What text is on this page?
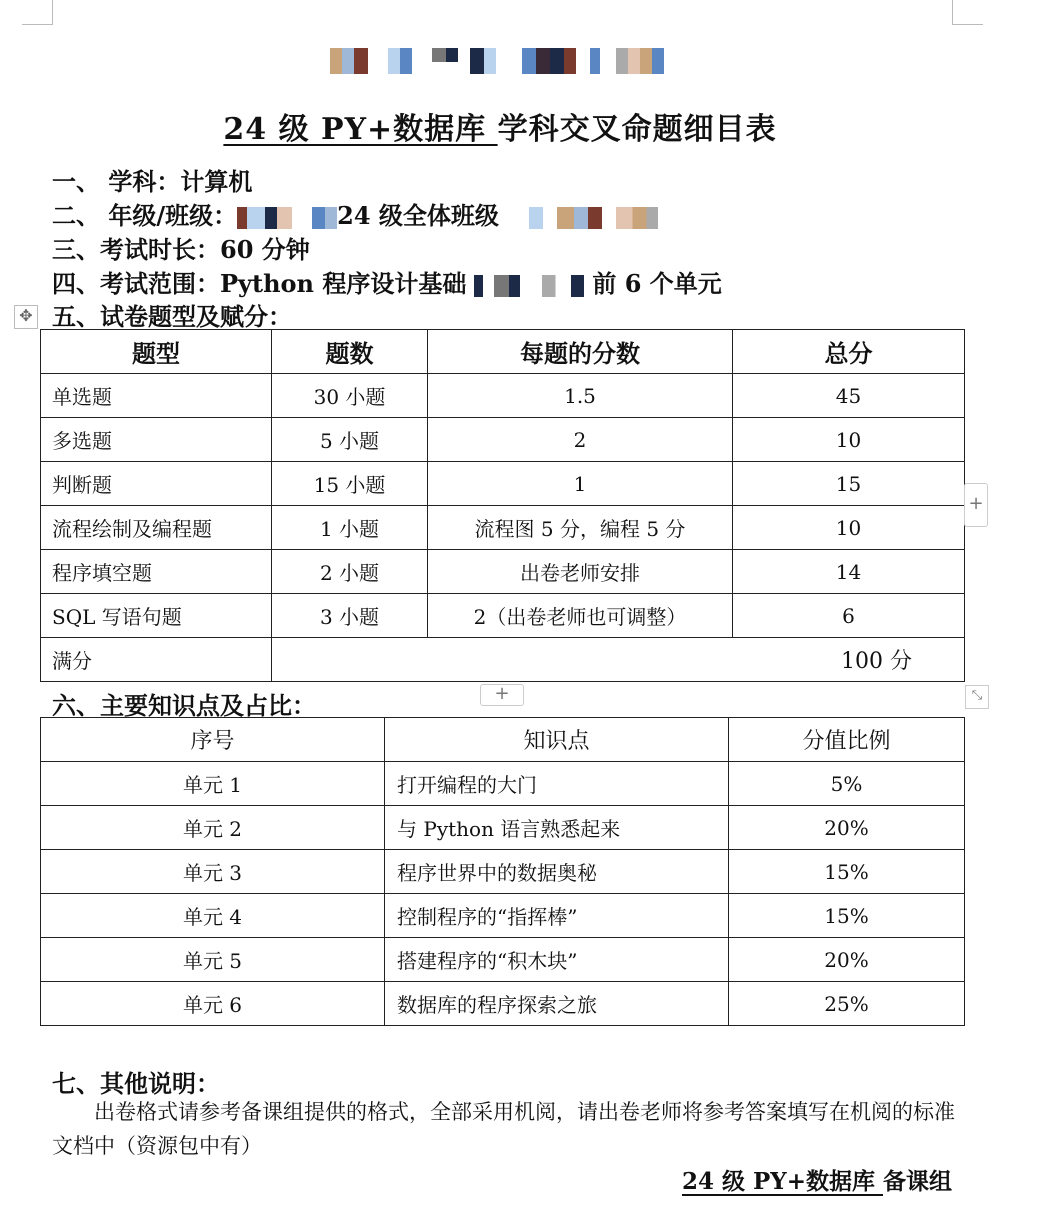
24 级 PY+数据库 学科交叉命题细目表
一、 学科：计算机
二、 年级/班级：	24 级全体班级
三、考试时长：60 分钟
四、考试范围：Python 程序设计基础	前 6 个单元
✥ 五、试卷题型及赋分：
题型	题数	每题的分数	总分
单选题	30 小题	1.5	45
多选题	5 小题	2	10
判断题	15 小题	1	15
流程绘制及编程题	1 小题	流程图 5 分，编程 5 分	10
程序填空题	2 小题	出卷老师安排	14
SQL 写语句题	3 小题	2（出卷老师也可调整）	6
满分	100 分		
+
+	⤡
六、主要知识点及占比：
序号	知识点	分值比例
单元 1	打开编程的大门	5%
单元 2	与 Python 语言熟悉起来	20%
单元 3	程序世界中的数据奥秘	15%
单元 4	控制程序的“指挥棒”	15%
单元 5	搭建程序的“积木块”	20%
单元 6	数据库的程序探索之旅	25%
七、其他说明：
出卷格式请参考备课组提供的格式，全部采用机阅，请出卷老师将参考答案填写在机阅的标准文档中（资源包中有）
24 级 PY+数据库 备课组
